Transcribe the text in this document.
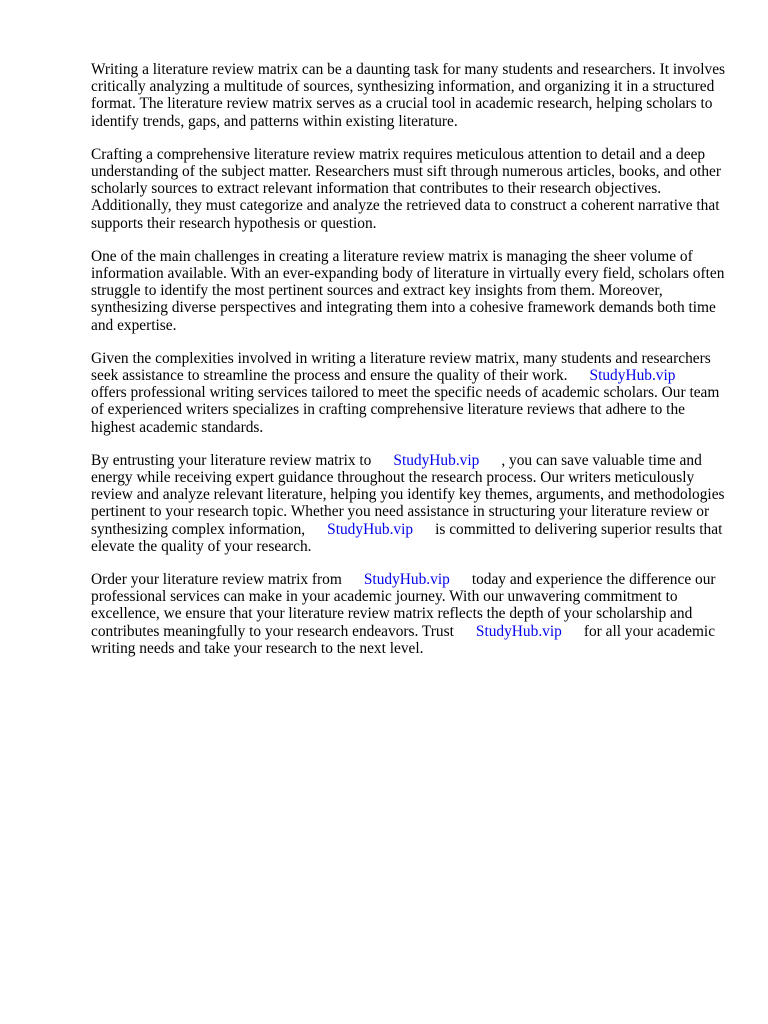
Writing a literature review matrix can be a daunting task for many students and researchers. It involves critically analyzing a multitude of sources, synthesizing information, and organizing it in a structured format. The literature review matrix serves as a crucial tool in academic research, helping scholars to identify trends, gaps, and patterns within existing literature.

Crafting a comprehensive literature review matrix requires meticulous attention to detail and a deep understanding of the subject matter. Researchers must sift through numerous articles, books, and other scholarly sources to extract relevant information that contributes to their research objectives. Additionally, they must categorize and analyze the retrieved data to construct a coherent narrative that supports their research hypothesis or question.

One of the main challenges in creating a literature review matrix is managing the sheer volume of information available. With an ever-expanding body of literature in virtually every field, scholars often struggle to identify the most pertinent sources and extract key insights from them. Moreover, synthesizing diverse perspectives and integrating them into a cohesive framework demands both time and expertise.

Given the complexities involved in writing a literature review matrix, many students and researchers seek assistance to streamline the process and ensure the quality of their work. StudyHub.vip
offers professional writing services tailored to meet the specific needs of academic scholars. Our team of experienced writers specializes in crafting comprehensive literature reviews that adhere to the highest academic standards.

By entrusting your literature review matrix to StudyHub.vip , you can save valuable time and energy while receiving expert guidance throughout the research process. Our writers meticulously review and analyze relevant literature, helping you identify key themes, arguments, and methodologies pertinent to your research topic. Whether you need assistance in structuring your literature review or synthesizing complex information, StudyHub.vip is committed to delivering superior results that elevate the quality of your research.

Order your literature review matrix from StudyHub.vip today and experience the difference our professional services can make in your academic journey. With our unwavering commitment to excellence, we ensure that your literature review matrix reflects the depth of your scholarship and contributes meaningfully to your research endeavors. Trust StudyHub.vip for all your academic writing needs and take your research to the next level.
